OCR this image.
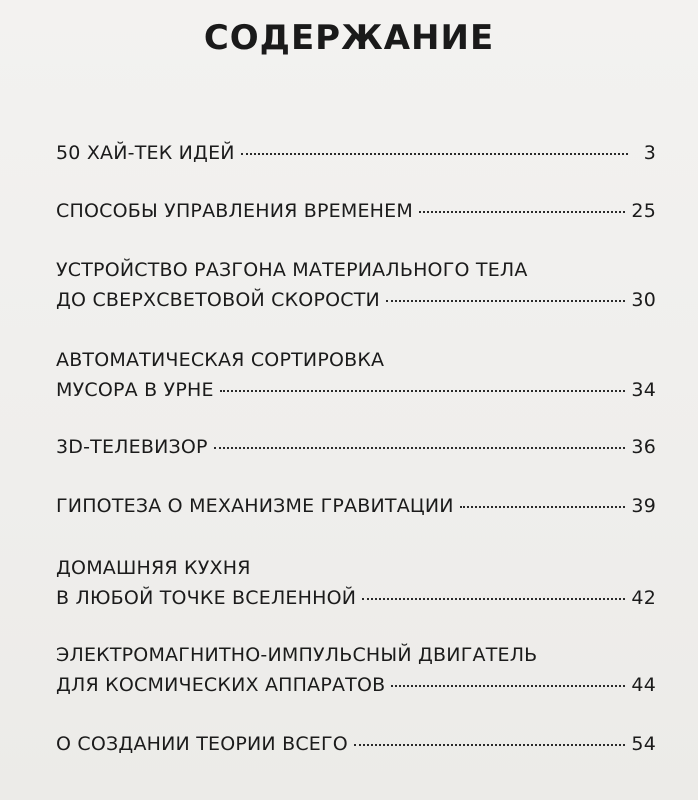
СОДЕРЖАНИЕ
50 ХАЙ-ТЕК ИДЕЙ	3
СПОСОБЫ УПРАВЛЕНИЯ ВРЕМЕНЕМ	25
УСТРОЙСТВО РАЗГОНА МАТЕРИАЛЬНОГО ТЕЛА
ДО СВЕРХСВЕТОВОЙ СКОРОСТИ	30
АВТОМАТИЧЕСКАЯ СОРТИРОВКА
МУСОРА В УРНЕ	34
3D-ТЕЛЕВИЗОР	36
ГИПОТЕЗА О МЕХАНИЗМЕ ГРАВИТАЦИИ	39
ДОМАШНЯЯ КУХНЯ
В ЛЮБОЙ ТОЧКЕ ВСЕЛЕННОЙ	42
ЭЛЕКТРОМАГНИТНО-ИМПУЛЬСНЫЙ ДВИГАТЕЛЬ
ДЛЯ КОСМИЧЕСКИХ АППАРАТОВ	44
О СОЗДАНИИ ТЕОРИИ ВСЕГО	54
